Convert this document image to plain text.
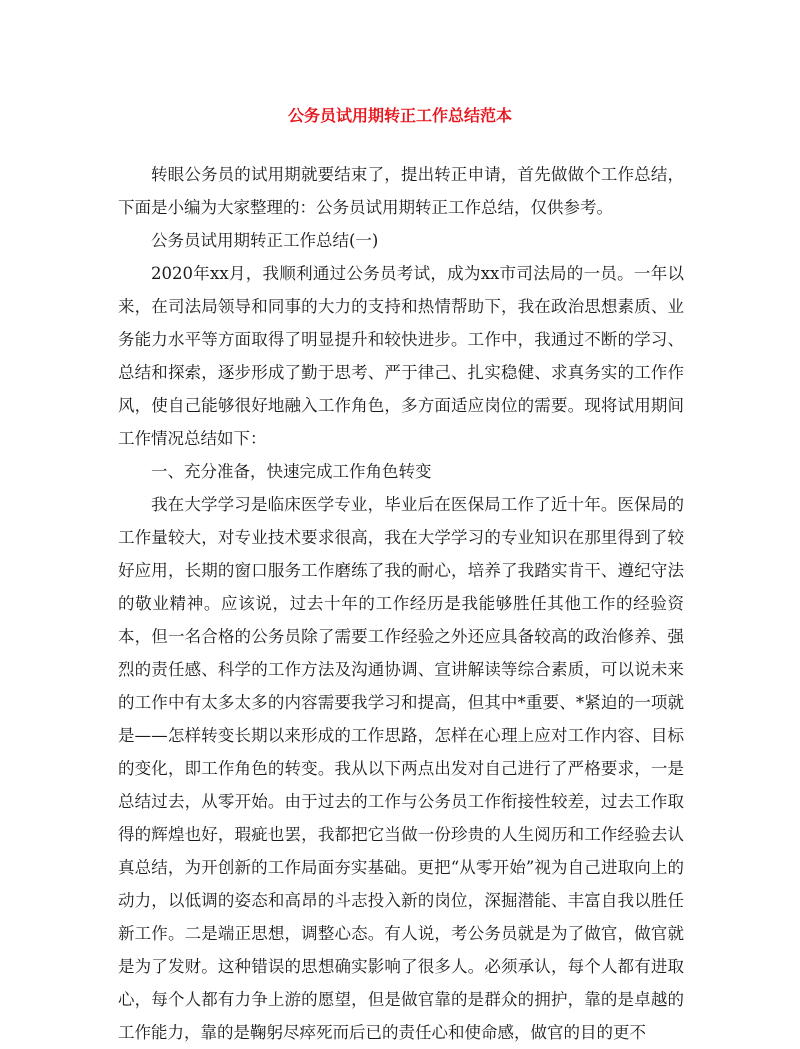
公务员试用期转正工作总结范本

转眼公务员的试用期就要结束了，提出转正申请，首先做做个工作总结，下面是小编为大家整理的：公务员试用期转正工作总结，仅供参考。

公务员试用期转正工作总结(一)

2020年xx月，我顺利通过公务员考试，成为xx市司法局的一员。一年以来，在司法局领导和同事的大力的支持和热情帮助下，我在政治思想素质、业务能力水平等方面取得了明显提升和较快进步。工作中，我通过不断的学习、总结和探索，逐步形成了勤于思考、严于律己、扎实稳健、求真务实的工作作风，使自己能够很好地融入工作角色，多方面适应岗位的需要。现将试用期间工作情况总结如下：

一、充分准备，快速完成工作角色转变

我在大学学习是临床医学专业，毕业后在医保局工作了近十年。医保局的工作量较大，对专业技术要求很高，我在大学学习的专业知识在那里得到了较好应用，长期的窗口服务工作磨练了我的耐心，培养了我踏实肯干、遵纪守法的敬业精神。应该说，过去十年的工作经历是我能够胜任其他工作的经验资本，但一名合格的公务员除了需要工作经验之外还应具备较高的政治修养、强烈的责任感、科学的工作方法及沟通协调、宣讲解读等综合素质，可以说未来的工作中有太多太多的内容需要我学习和提高，但其中*重要、*紧迫的一项就是——怎样转变长期以来形成的工作思路，怎样在心理上应对工作内容、目标的变化，即工作角色的转变。我从以下两点出发对自己进行了严格要求，一是总结过去，从零开始。由于过去的工作与公务员工作衔接性较差，过去工作取得的辉煌也好，瑕疵也罢，我都把它当做一份珍贵的人生阅历和工作经验去认真总结，为开创新的工作局面夯实基础。更把“从零开始”视为自己进取向上的动力，以低调的姿态和高昂的斗志投入新的岗位，深掘潜能、丰富自我以胜任新工作。二是端正思想，调整心态。有人说，考公务员就是为了做官，做官就是为了发财。这种错误的思想确实影响了很多人。必须承认，每个人都有进取心，每个人都有力争上游的愿望，但是做官靠的是群众的拥护，靠的是卓越的工作能力，靠的是鞠躬尽瘁死而后已的责任心和使命感，做官的目的更不
